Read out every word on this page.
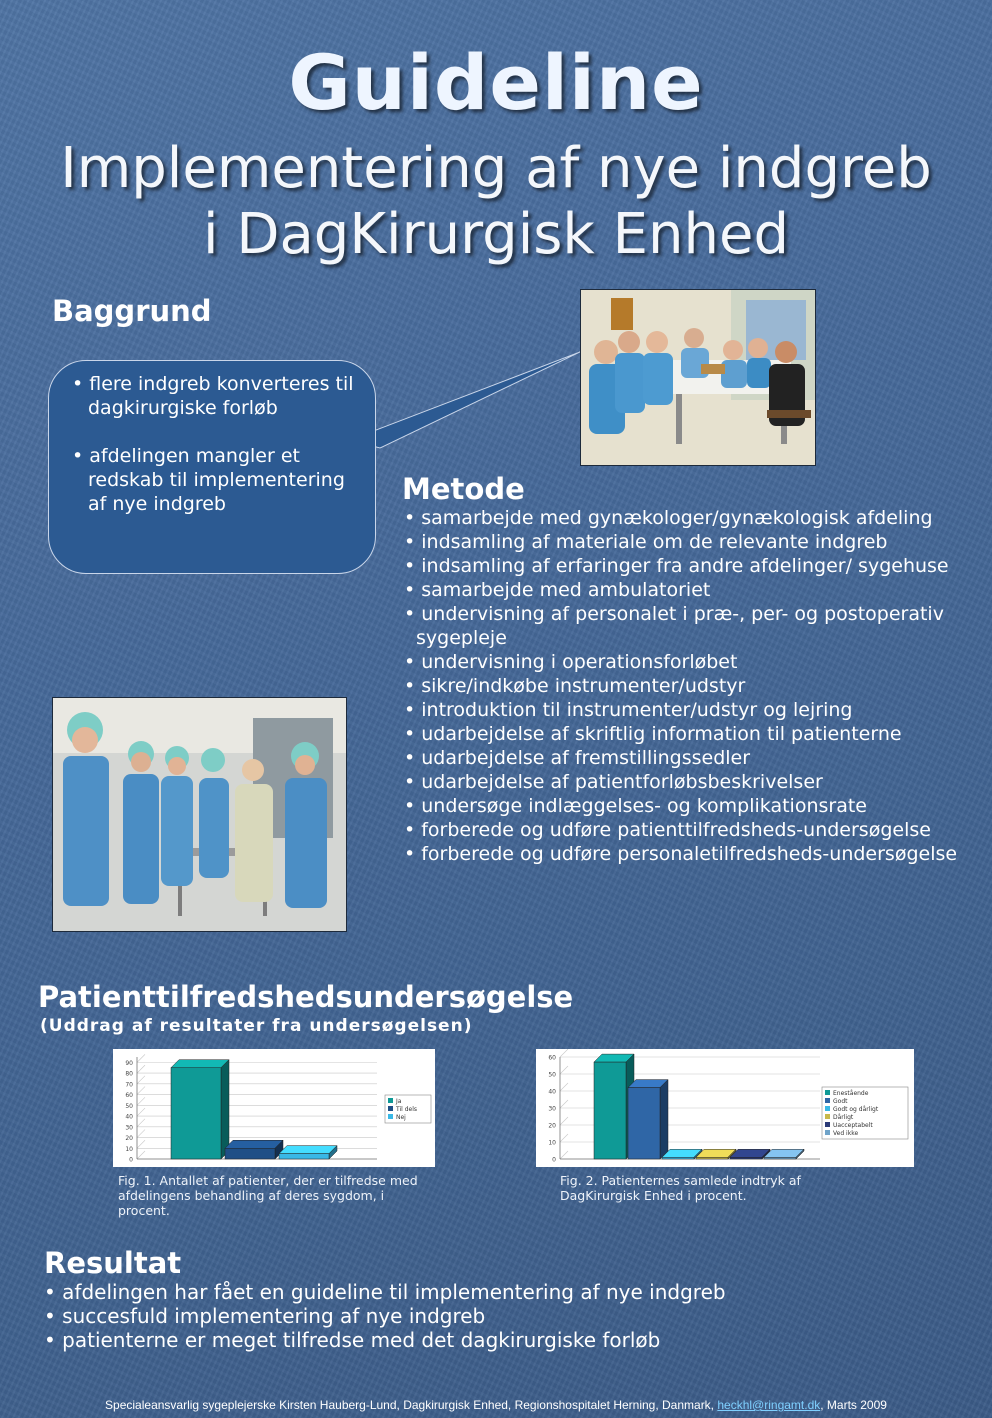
Guideline
Implementering af nye indgreb
i DagKirurgisk Enhed
Baggrund
• flere indgreb konverteres til dagkirurgiske forløb
• afdelingen mangler et redskab til implementering af nye indgreb	Metode
• samarbejde med gynækologer/gynækologisk afdeling
• indsamling af materiale om de relevante indgreb
• indsamling af erfaringer fra andre afdelinger/ sygehuse
• samarbejde med ambulatoriet
• undervisning af personalet i præ-, per- og postoperativ sygepleje
• undervisning i operationsforløbet
• sikre/indkøbe instrumenter/udstyr
• introduktion til instrumenter/udstyr og lejring
• udarbejdelse af skriftlig information til patienterne
• udarbejdelse af fremstillingssedler
• udarbejdelse af patientforløbsbeskrivelser
• undersøge indlæggelses- og komplikationsrate
• forberede og udføre patienttilfredsheds-undersøgelse
• forberede og udføre personaletilfredsheds-undersøgelse
Patienttilfredshedsundersøgelse
(Uddrag af resultater fra undersøgelsen)
0
10
20
30
40
50
60
70
80
90
Ja
Til dels
Nej
0
10
20
30
40
50
60
Enestående
Godt
Godt og dårligt
Dårligt
Uacceptabelt
Ved ikke
Fig. 1. Antallet af patienter, der er tilfredse med afdelingens behandling af deres sygdom, i procent.
Fig. 2. Patienternes samlede indtryk af DagKirurgisk Enhed i procent.
Resultat
• afdelingen har fået en guideline til implementering af nye indgreb
• succesfuld implementering af nye indgreb
• patienterne er meget tilfredse med det dagkirurgiske forløb
Specialeansvarlig sygeplejerske Kirsten Hauberg-Lund, Dagkirurgisk Enhed, Regionshospitalet Herning, Danmark, heckhl@ringamt.dk, Marts 2009
